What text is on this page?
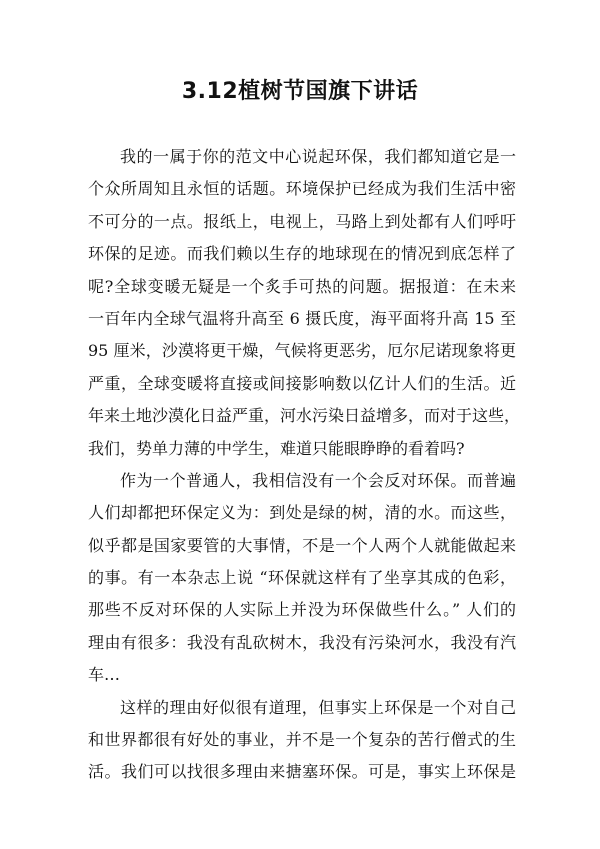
3.12植树节国旗下讲话
我的一属于你的范文中心说起环保，我们都知道它是一
个众所周知且永恒的话题。环境保护已经成为我们生活中密
不可分的一点。报纸上，电视上，马路上到处都有人们呼吁
环保的足迹。而我们赖以生存的地球现在的情况到底怎样了
呢?全球变暖无疑是一个炙手可热的问题。据报道：在未来
一百年内全球气温将升高至 6 摄氏度，海平面将升高 15 至
95 厘米，沙漠将更干燥，气候将更恶劣，厄尔尼诺现象将更
严重，全球变暖将直接或间接影响数以亿计人们的生活。近
年来土地沙漠化日益严重，河水污染日益增多，而对于这些，
我们，势单力薄的中学生，难道只能眼睁睁的看着吗?
作为一个普通人，我相信没有一个会反对环保。而普遍
人们却都把环保定义为：到处是绿的树，清的水。而这些，
似乎都是国家要管的大事情，不是一个人两个人就能做起来
的事。有一本杂志上说 “环保就这样有了坐享其成的色彩，
那些不反对环保的人实际上并没为环保做些什么。” 人们的
理由有很多：我没有乱砍树木，我没有污染河水，我没有汽
车…
这样的理由好似很有道理，但事实上环保是一个对自己
和世界都很有好处的事业，并不是一个复杂的苦行僧式的生
活。我们可以找很多理由来搪塞环保。可是，事实上环保是
